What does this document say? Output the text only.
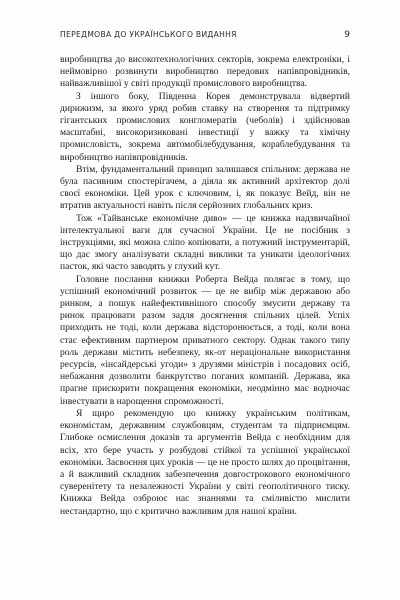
ПЕРЕДМОВА ДО УКРАЇНСЬКОГО ВИДАННЯ	9

виробництва до високотехнологічних секторів, зокрема електроніки, і неймовірно розвинути виробництво передових напівпровідників, найважливішої у світі продукції промислового виробництва.

З іншого боку, Південна Корея демонструвала відвертий дирижизм, за якого уряд робив ставку на створення та підтримку гігантських промислових конгломератів (чеболів) і здійснював масштабні, високоризиковані інвестиції у важку та хімічну промисловість, зокрема автомобілебудування, кораблебудування та виробництво напівпровідників.

Втім, фундаментальний принцип залишався спільним: держава не була пасивним спостерігачем, а діяла як активний архітектор долі своєї економіки. Цей урок є ключовим, і, як показує Вейд, він не втратив актуальності навіть після серйозних глобальних криз.

Тож «Тайванське економічне диво» — це книжка надзвичайної інтелектуальної ваги для сучасної України. Це не посібник з інструкціями, які можна сліпо копіювати, а потужний інструментарій, що дає змогу аналізувати складні виклики та уникати ідеологічних пасток, які часто заводять у глухий кут.

Головне послання книжки Роберта Вейда полягає в тому, що успішний економічний розвиток — це не вибір між державою або ринком, а пошук найефективнішого способу змусити державу та ринок працювати разом задля досягнення спільних цілей. Успіх приходить не тоді, коли держава відсторонюється, а тоді, коли вона стає ефективним партнером приватного сектору. Однак такого типу роль держави містить небезпеку, як-от нераціональне використання ресурсів, «інсайдерські угоди» з друзями міністрів і посадових осіб, небажання дозволити банкрутство поганих компаній. Держава, яка прагне прискорити покращення економіки, неодмінно має водночас інвестувати в нарощення спроможності.

Я щиро рекомендую цю книжку українським політикам, економістам, державним службовцям, студентам та підприємцям. Глибоке осмислення доказів та аргументів Вейда є необхідним для всіх, хто бере участь у розбудові стійкої та успішної української економіки. Засвоєння цих уроків — це не просто шлях до процвітання, а й важливий складник забезпечення довгострокового економічного суверенітету та незалежності України у світі геополітичного тиску. Книжка Вейда озброює нас знаннями та сміливістю мислити нестандартно, що є критично важливим для нашої країни.
